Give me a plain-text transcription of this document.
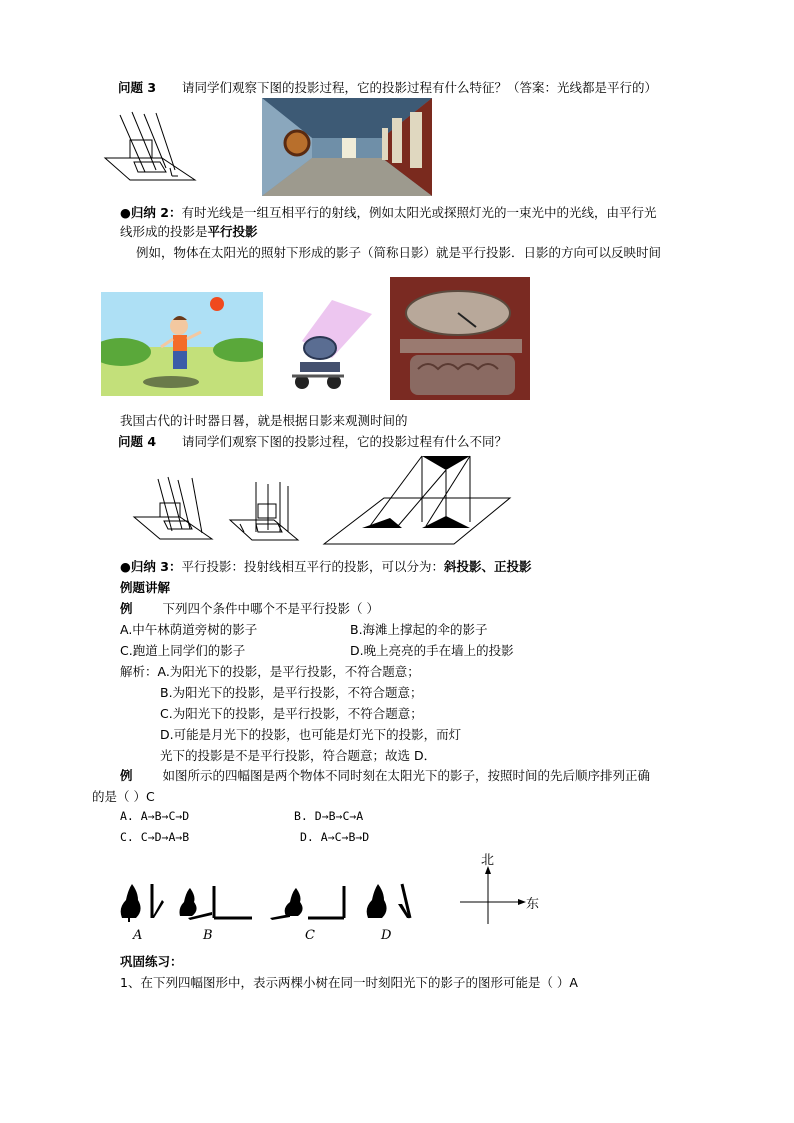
问题 3 请同学们观察下图的投影过程，它的投影过程有什么特征？（答案：光线都是平行的）
●归纳 2：有时光线是一组互相平行的射线，例如太阳光或探照灯光的一束光中的光线，由平行光
线形成的投影是平行投影
例如，物体在太阳光的照射下形成的影子（简称日影）就是平行投影．日影的方向可以反映时间
我国古代的计时器日晷，就是根据日影来观测时间的
问题 4 请同学们观察下图的投影过程，它的投影过程有什么不同？
●归纳 3：平行投影：投射线相互平行的投影，可以分为：斜投影、正投影
例题讲解
例 下列四个条件中哪个不是平行投影（ ）
A.中午林荫道旁树的影子	B.海滩上撑起的伞的影子
C.跑道上同学们的影子	D.晚上亮亮的手在墙上的投影
解析：A.为阳光下的投影，是平行投影，不符合题意；
B.为阳光下的投影，是平行投影，不符合题意；
C.为阳光下的投影，是平行投影，不符合题意；
D.可能是月光下的投影，也可能是灯光下的投影，而灯
光下的投影是不是平行投影，符合题意；故选 D．
例 如图所示的四幅图是两个物体不同时刻在太阳光下的影子，按照时间的先后顺序排列正确
的是（ ）C
A. A→B→C→D	B. D→B→C→A
C. C→D→A→B	D. A→C→B→D
A	B	C	D
北
东
巩固练习：
1、在下列四幅图形中，表示两棵小树在同一时刻阳光下的影子的图形可能是（ ）A
